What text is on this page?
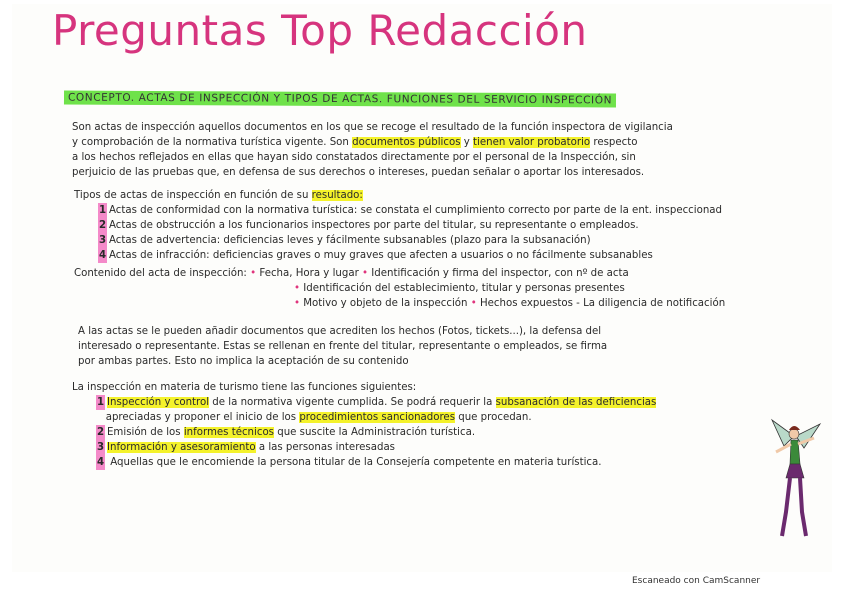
Preguntas Top Redacción
CONCEPTO. ACTAS DE INSPECCIÓN Y TIPOS DE ACTAS. FUNCIONES DEL SERVICIO INSPECCIÓN
Son actas de inspección aquellos documentos en los que se recoge el resultado de la función inspectora de vigilancia
y comprobación de la normativa turística vigente. Son documentos públicos y tienen valor probatorio respecto
a los hechos reflejados en ellas que hayan sido constatados directamente por el personal de la Inspección, sin
perjuicio de las pruebas que, en defensa de sus derechos o intereses, puedan señalar o aportar los interesados.
Tipos de actas de inspección en función de su resultado:
1 Actas de conformidad con la normativa turística: se constata el cumplimiento correcto por parte de la ent. inspeccionad
2 Actas de obstrucción a los funcionarios inspectores por parte del titular, su representante o empleados.
3 Actas de advertencia: deficiencias leves y fácilmente subsanables (plazo para la subsanación)
4 Actas de infracción: deficiencias graves o muy graves que afecten a usuarios o no fácilmente subsanables
Contenido del acta de inspección: • Fecha, Hora y lugar • Identificación y firma del inspector, con nº de acta
• Identificación del establecimiento, titular y personas presentes
• Motivo y objeto de la inspección • Hechos expuestos - La diligencia de notificación
A las actas se le pueden añadir documentos que acrediten los hechos (Fotos, tickets...), la defensa del
interesado o representante. Estas se rellenan en frente del titular, representante o empleados, se firma
por ambas partes. Esto no implica la aceptación de su contenido
La inspección en materia de turismo tiene las funciones siguientes:
1 Inspección y control de la normativa vigente cumplida. Se podrá requerir la subsanación de las deficiencias
apreciadas y proponer el inicio de los procedimientos sancionadores que procedan.
2 Emisión de los informes técnicos que suscite la Administración turística.
3 Información y asesoramiento a las personas interesadas
4 Aquellas que le encomiende la persona titular de la Consejería competente en materia turística.
Escaneado con CamScanner
